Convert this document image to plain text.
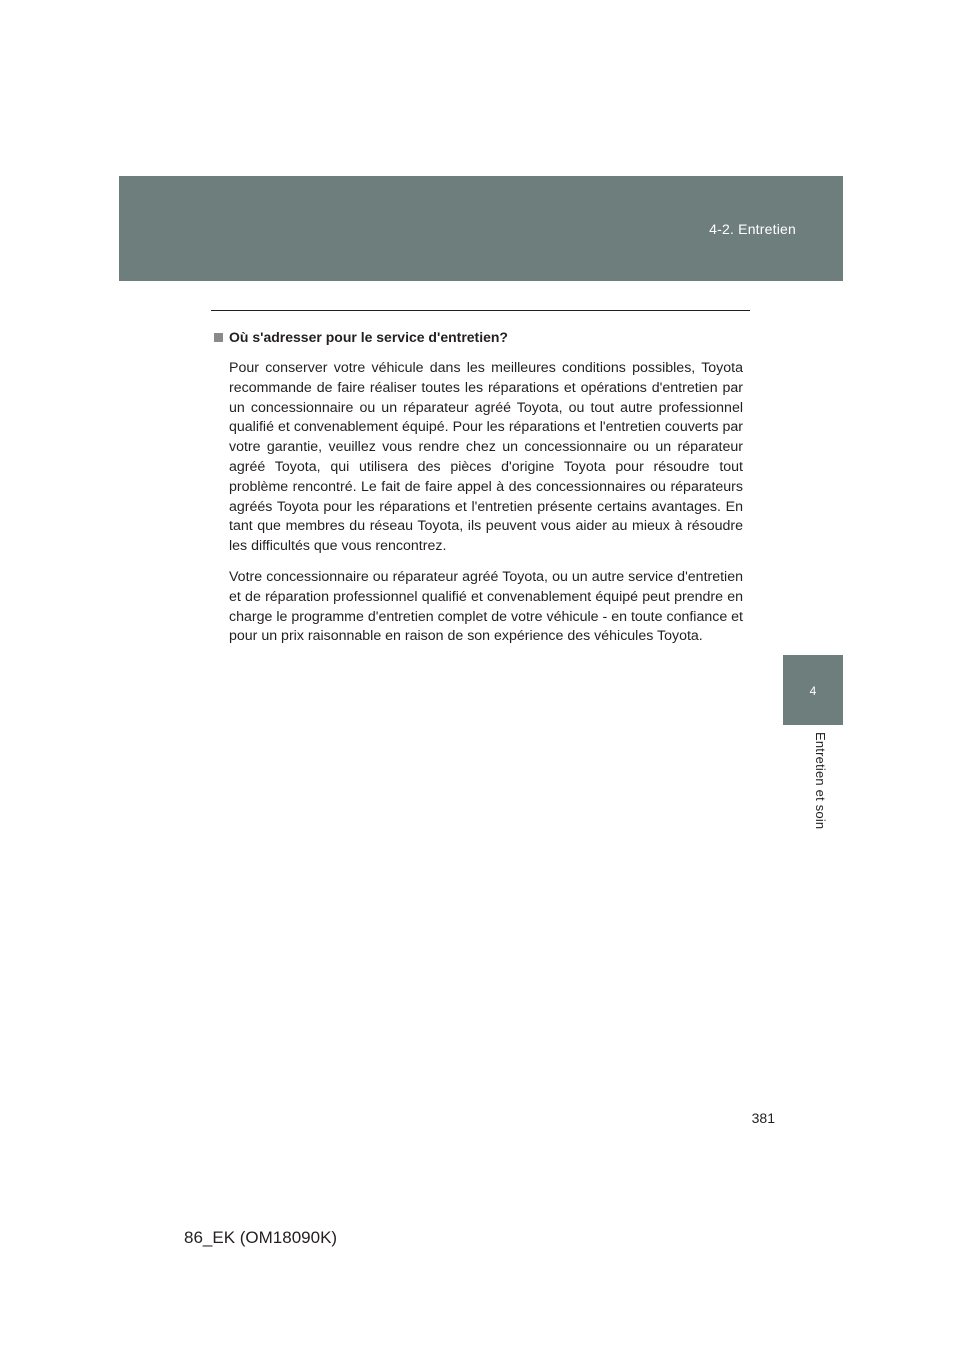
4-2. Entretien
4
Entretien et soin
Où s'adresser pour le service d'entretien?

Pour conserver votre véhicule dans les meilleures conditions possibles, Toyota recommande de faire réaliser toutes les réparations et opérations d'entretien par un concessionnaire ou un réparateur agréé Toyota, ou tout autre professionnel qualifié et convenablement équipé. Pour les réparations et l'entretien couverts par votre garantie, veuillez vous rendre chez un concessionnaire ou un réparateur agréé Toyota, qui utilisera des pièces d'origine Toyota pour résoudre tout problème rencontré. Le fait de faire appel à des concessionnaires ou réparateurs agréés Toyota pour les réparations et l'entretien présente certains avantages. En tant que membres du réseau Toyota, ils peuvent vous aider au mieux à résoudre les difficultés que vous rencontrez.

Votre concessionnaire ou réparateur agréé Toyota, ou un autre service d'entretien et de réparation professionnel qualifié et convenablement équipé peut prendre en charge le programme d'entretien complet de votre véhicule - en toute confiance et pour un prix raisonnable en raison de son expérience des véhicules Toyota.

381
86_EK (OM18090K)
